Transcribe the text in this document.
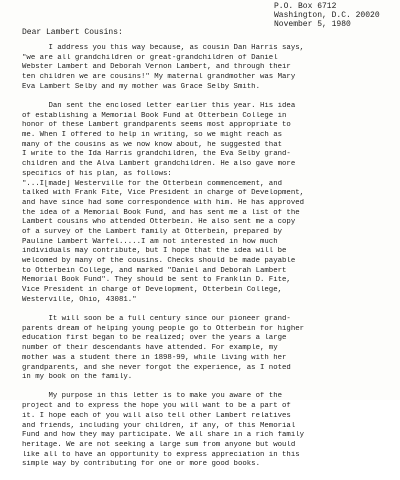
P.O. Box 6712
Washington, D.C. 20020
November 5, 1980
Dear Lambert Cousins:

I address you this way because, as cousin Dan Harris says,
"we are all grandchildren or great-grandchildren of Daniel
Webster Lambert and Deborah Vernon Lambert, and through their
ten children we are cousins!" My maternal grandmother was Mary
Eva Lambert Selby and my mother was Grace Selby Smith.

Dan sent the enclosed letter earlier this year. His idea
of establishing a Memorial Book Fund at Otterbein College in
honor of these Lambert grandparents seems most appropriate to
me. When I offered to help in writing, so we might reach as
many of the cousins as we now know about, he suggested that
I write to the Ida Harris grandchildren, the Eva Selby grand-
children and the Alva Lambert grandchildren. He also gave more
specifics of his plan, as follows:
"...I[made] Westerville for the Otterbein commencement, and
talked with Frank Fite, Vice President in charge of Development,
and have since had some correspondence with him. He has approved
the idea of a Memorial Book Fund, and has sent me a list of the
Lambert cousins who attended Otterbein. He also sent me a copy
of a survey of the Lambert family at Otterbein, prepared by
Pauline Lambert Warfel.....I am not interested in how much
individuals may contribute, but I hope that the idea will be
welcomed by many of the cousins. Checks should be made payable
to Otterbein College, and marked "Daniel and Deborah Lambert
Memorial Book Fund". They should be sent to Franklin D. Fite,
Vice President in charge of Development, Otterbein College,
Westerville, Ohio, 43081."

It will soon be a full century since our pioneer grand-
parents dream of helping young people go to Otterbein for higher
education first began to be realized; over the years a large
number of their descendants have attended. For example, my
mother was a student there in 1898-99, while living with her
grandparents, and she never forgot the experience, as I noted
in my book on the family.

My purpose in this letter is to make you aware of the
project and to express the hope you will want to be a part of
it. I hope each of you will also tell other Lambert relatives
and friends, including your children, if any, of this Memorial
Fund and how they may participate. We all share in a rich family
heritage. We are not seeking a large sum from anyone but would
like all to have an opportunity to express appreciation in this
simple way by contributing for one or more good books.
